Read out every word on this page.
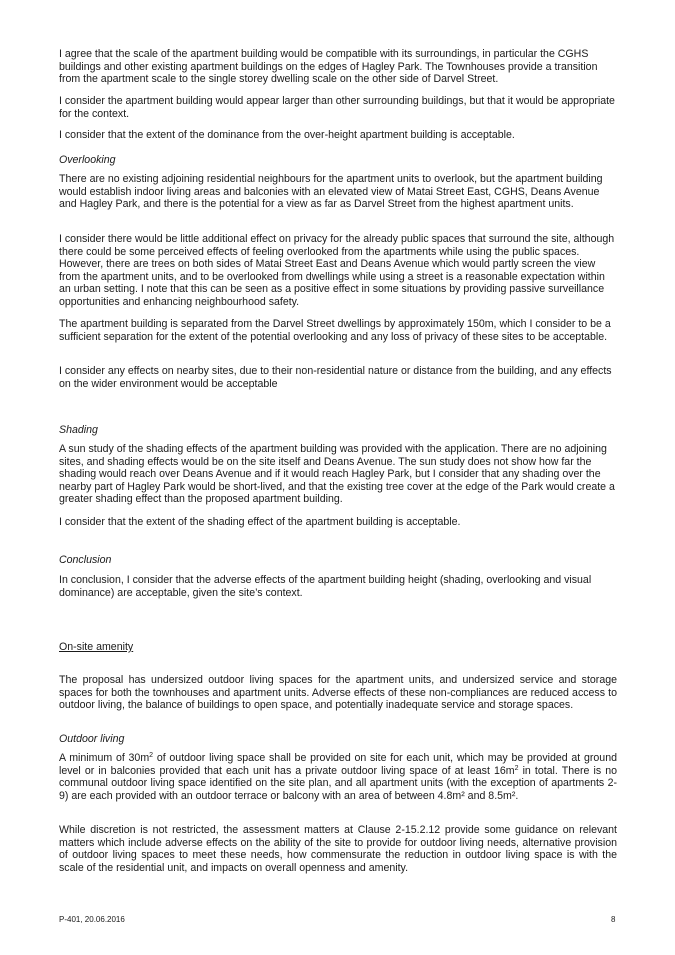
I agree that the scale of the apartment building would be compatible with its surroundings, in particular the CGHS buildings and other existing apartment buildings on the edges of Hagley Park. The Townhouses provide a transition from the apartment scale to the single storey dwelling scale on the other side of Darvel Street.

I consider the apartment building would appear larger than other surrounding buildings, but that it would be appropriate for the context.

I consider that the extent of the dominance from the over-height apartment building is acceptable.

Overlooking

There are no existing adjoining residential neighbours for the apartment units to overlook, but the apartment building would establish indoor living areas and balconies with an elevated view of Matai Street East, CGHS, Deans Avenue and Hagley Park, and there is the potential for a view as far as Darvel Street from the highest apartment units.

I consider there would be little additional effect on privacy for the already public spaces that surround the site, although there could be some perceived effects of feeling overlooked from the apartments while using the public spaces. However, there are trees on both sides of Matai Street East and Deans Avenue which would partly screen the view from the apartment units, and to be overlooked from dwellings while using a street is a reasonable expectation within an urban setting. I note that this can be seen as a positive effect in some situations by providing passive surveillance opportunities and enhancing neighbourhood safety.

The apartment building is separated from the Darvel Street dwellings by approximately 150m, which I consider to be a sufficient separation for the extent of the potential overlooking and any loss of privacy of these sites to be acceptable.

I consider any effects on nearby sites, due to their non-residential nature or distance from the building, and any effects on the wider environment would be acceptable

Shading

A sun study of the shading effects of the apartment building was provided with the application. There are no adjoining sites, and shading effects would be on the site itself and Deans Avenue. The sun study does not show how far the shading would reach over Deans Avenue and if it would reach Hagley Park, but I consider that any shading over the nearby part of Hagley Park would be short-lived, and that the existing tree cover at the edge of the Park would create a greater shading effect than the proposed apartment building.

I consider that the extent of the shading effect of the apartment building is acceptable.

Conclusion

In conclusion, I consider that the adverse effects of the apartment building height (shading, overlooking and visual dominance) are acceptable, given the site’s context.

On-site amenity

The proposal has undersized outdoor living spaces for the apartment units, and undersized service and storage spaces for both the townhouses and apartment units. Adverse effects of these non-compliances are reduced access to outdoor living, the balance of buildings to open space, and potentially inadequate service and storage spaces.

Outdoor living

A minimum of $30m^2$ of outdoor living space shall be provided on site for each unit, which may be provided at ground level or in balconies provided that each unit has a private outdoor living space of at least $16m^2$ in total. There is no communal outdoor living space identified on the site plan, and all apartment units (with the exception of apartments 2-9) are each provided with an outdoor terrace or balcony with an area of between 4.8m² and 8.5m².

While discretion is not restricted, the assessment matters at Clause 2-15.2.12 provide some guidance on relevant matters which include adverse effects on the ability of the site to provide for outdoor living needs, alternative provision of outdoor living spaces to meet these needs, how commensurate the reduction in outdoor living space is with the scale of the residential unit, and impacts on overall openness and amenity.

P-401, 20.06.2016	8
